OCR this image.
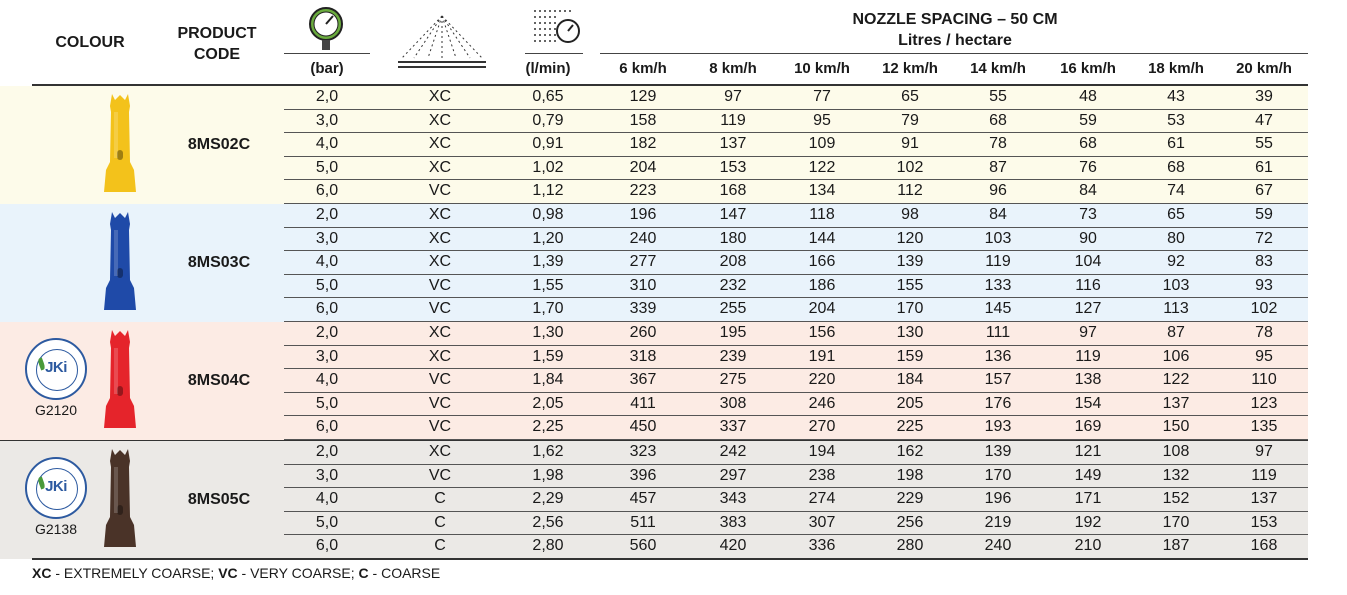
COLOUR
PRODUCT
CODE
NOZZLE SPACING – 50 CM
Litres / hectare
(bar)	(l/min)	6 km/h	8 km/h	10 km/h	12 km/h	14 km/h	16 km/h	18 km/h	20 km/h
8MS02C
2,0	XC	0,65	129	97	77	65	55	48	43	39
3,0	XC	0,79	158	119	95	79	68	59	53	47
4,0	XC	0,91	182	137	109	91	78	68	61	55
5,0	XC	1,02	204	153	122	102	87	76	68	61
6,0	VC	1,12	223	168	134	112	96	84	74	67
8MS03C
2,0	XC	0,98	196	147	118	98	84	73	65	59
3,0	XC	1,20	240	180	144	120	103	90	80	72
4,0	XC	1,39	277	208	166	139	119	104	92	83
5,0	VC	1,55	310	232	186	155	133	116	103	93
6,0	VC	1,70	339	255	204	170	145	127	113	102
JKi
G2120
8MS04C
2,0	XC	1,30	260	195	156	130	111	97	87	78
3,0	XC	1,59	318	239	191	159	136	119	106	95
4,0	VC	1,84	367	275	220	184	157	138	122	110
5,0	VC	2,05	411	308	246	205	176	154	137	123
6,0	VC	2,25	450	337	270	225	193	169	150	135
JKi
G2138
8MS05C
2,0	XC	1,62	323	242	194	162	139	121	108	97
3,0	VC	1,98	396	297	238	198	170	149	132	119
4,0	C	2,29	457	343	274	229	196	171	152	137
5,0	C	2,56	511	383	307	256	219	192	170	153
6,0	C	2,80	560	420	336	280	240	210	187	168
XC - EXTREMELY COARSE; VC - VERY COARSE; C - COARSE
